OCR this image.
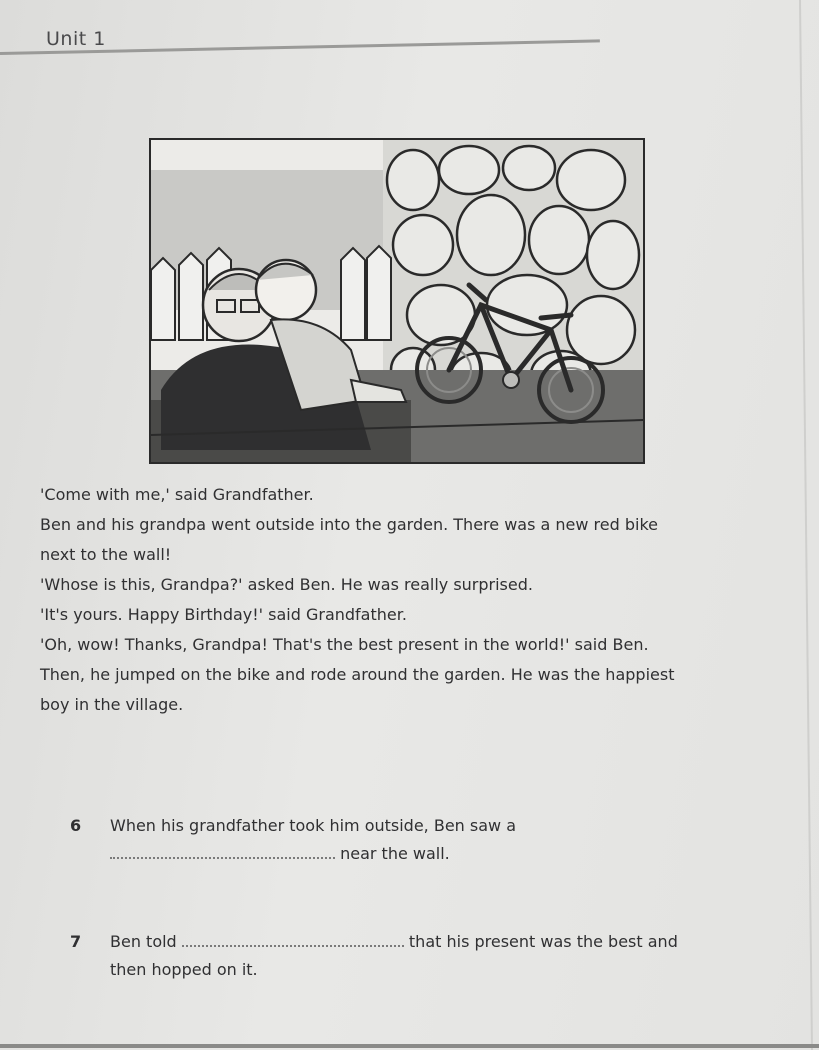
Unit 1

'Come with me,' said Grandfather.

Ben and his grandpa went outside into the garden. There was a new red bike

next to the wall!

'Whose is this, Grandpa?' asked Ben. He was really surprised.

'It's yours. Happy Birthday!' said Grandfather.

'Oh, wow! Thanks, Grandpa! That's the best present in the world!' said Ben.

Then, he jumped on the bike and rode around the garden. He was the happiest

boy in the village.

6 When his grandfather took him outside, Ben saw a
near the wall.
7 Ben told	that his present was the best and
then hopped on it.
